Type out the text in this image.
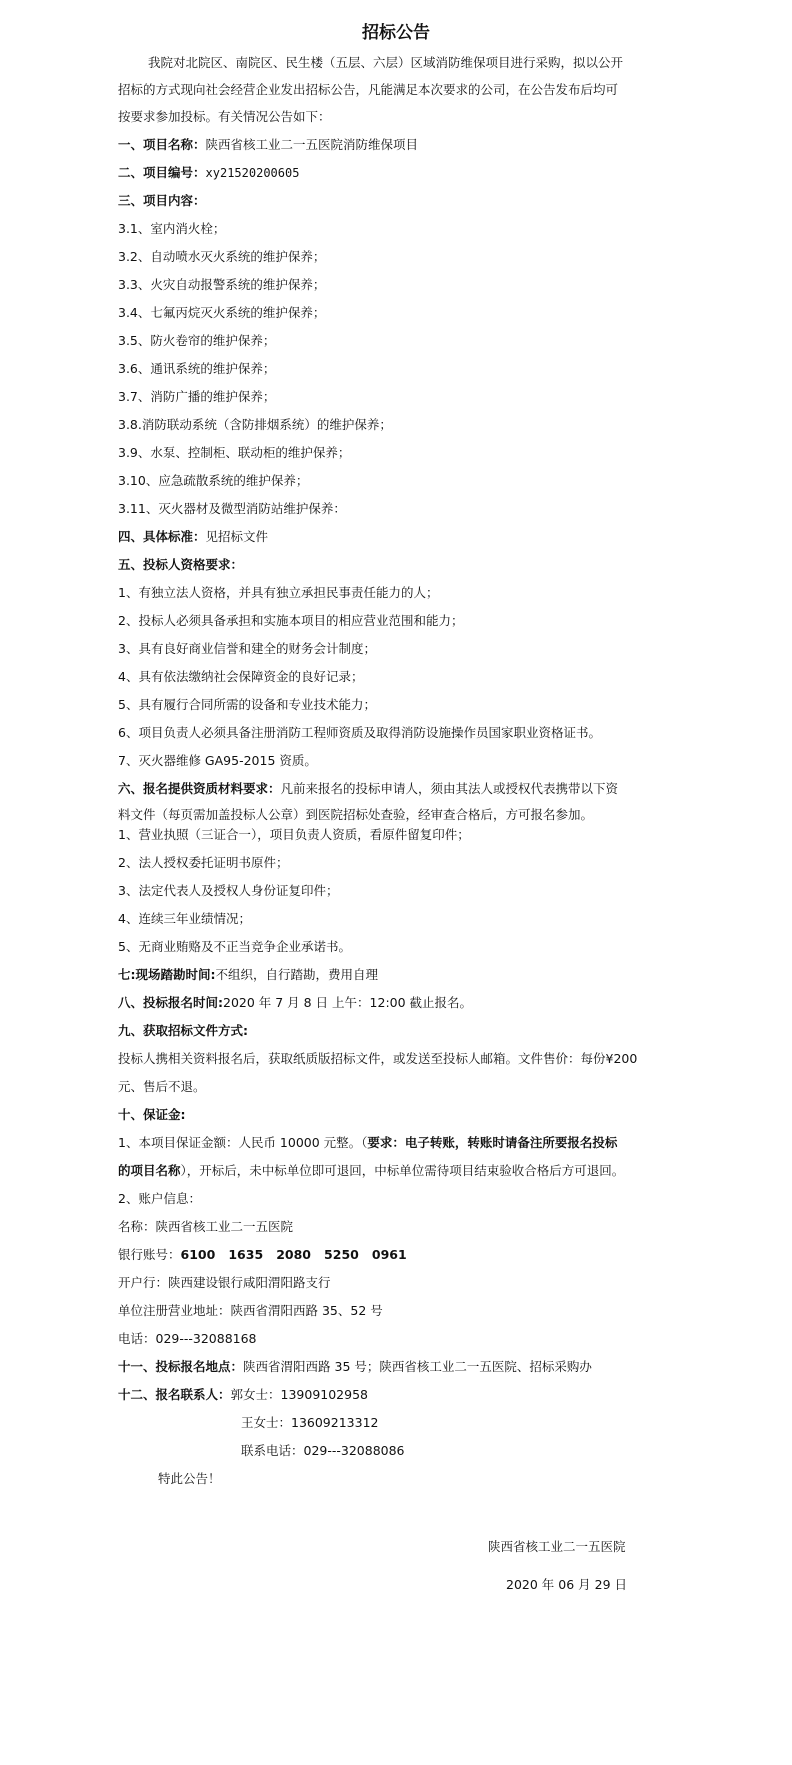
招标公告
我院对北院区、南院区、民生楼（五层、六层）区域消防维保项目进行采购，拟以公开
招标的方式现向社会经营企业发出招标公告，凡能满足本次要求的公司，在公告发布后均可
按要求参加投标。有关情况公告如下：
一、项目名称：陕西省核工业二一五医院消防维保项目
二、项目编号：xy21520200605
三、项目内容：
3.1、室内消火栓；
3.2、自动喷水灭火系统的维护保养；
3.3、火灾自动报警系统的维护保养；
3.4、七氟丙烷灭火系统的维护保养；
3.5、防火卷帘的维护保养；
3.6、通讯系统的维护保养；
3.7、消防广播的维护保养；
3.8.消防联动系统（含防排烟系统）的维护保养；
3.9、水泵、控制柜、联动柜的维护保养；
3.10、应急疏散系统的维护保养；
3.11、灭火器材及微型消防站维护保养：
四、具体标准：见招标文件
五、投标人资格要求：
1、有独立法人资格，并具有独立承担民事责任能力的人；
2、投标人必须具备承担和实施本项目的相应营业范围和能力；
3、具有良好商业信誉和建全的财务会计制度；
4、具有依法缴纳社会保障资金的良好记录；
5、具有履行合同所需的设备和专业技术能力；
6、项目负责人必须具备注册消防工程师资质及取得消防设施操作员国家职业资格证书。
7、灭火器维修 GA95-2015 资质。
六、报名提供资质材料要求：凡前来报名的投标申请人，须由其法人或授权代表携带以下资
料文件（每页需加盖投标人公章）到医院招标处查验，经审查合格后，方可报名参加。
1、营业执照（三证合一），项目负责人资质，看原件留复印件；
2、法人授权委托证明书原件；
3、法定代表人及授权人身份证复印件；
4、连续三年业绩情况；
5、无商业贿赂及不正当竞争企业承诺书。
七:现场踏勘时间:不组织，自行踏勘，费用自理
八、投标报名时间:2020 年 7 月 8 日 上午：12:00 截止报名。
九、获取招标文件方式:
投标人携相关资料报名后，获取纸质版招标文件，或发送至投标人邮箱。文件售价：每份¥200
元、售后不退。
十、保证金:
1、本项目保证金额：人民币 10000 元整。（要求：电子转账，转账时请备注所要报名投标
的项目名称），开标后，未中标单位即可退回，中标单位需待项目结束验收合格后方可退回。
2、账户信息：
名称：陕西省核工业二一五医院
银行账号：6100   1635   2080   5250   0961
开户行：陕西建设银行咸阳渭阳路支行
单位注册营业地址：陕西省渭阳西路 35、52 号
电话：029---32088168
十一、投标报名地点：陕西省渭阳西路 35 号；陕西省核工业二一五医院、招标采购办
十二、报名联系人：郭女士：13909102958
王女士：13609213312
联系电话：029---32088086
特此公告！
陕西省核工业二一五医院
2020 年 06 月 29 日
